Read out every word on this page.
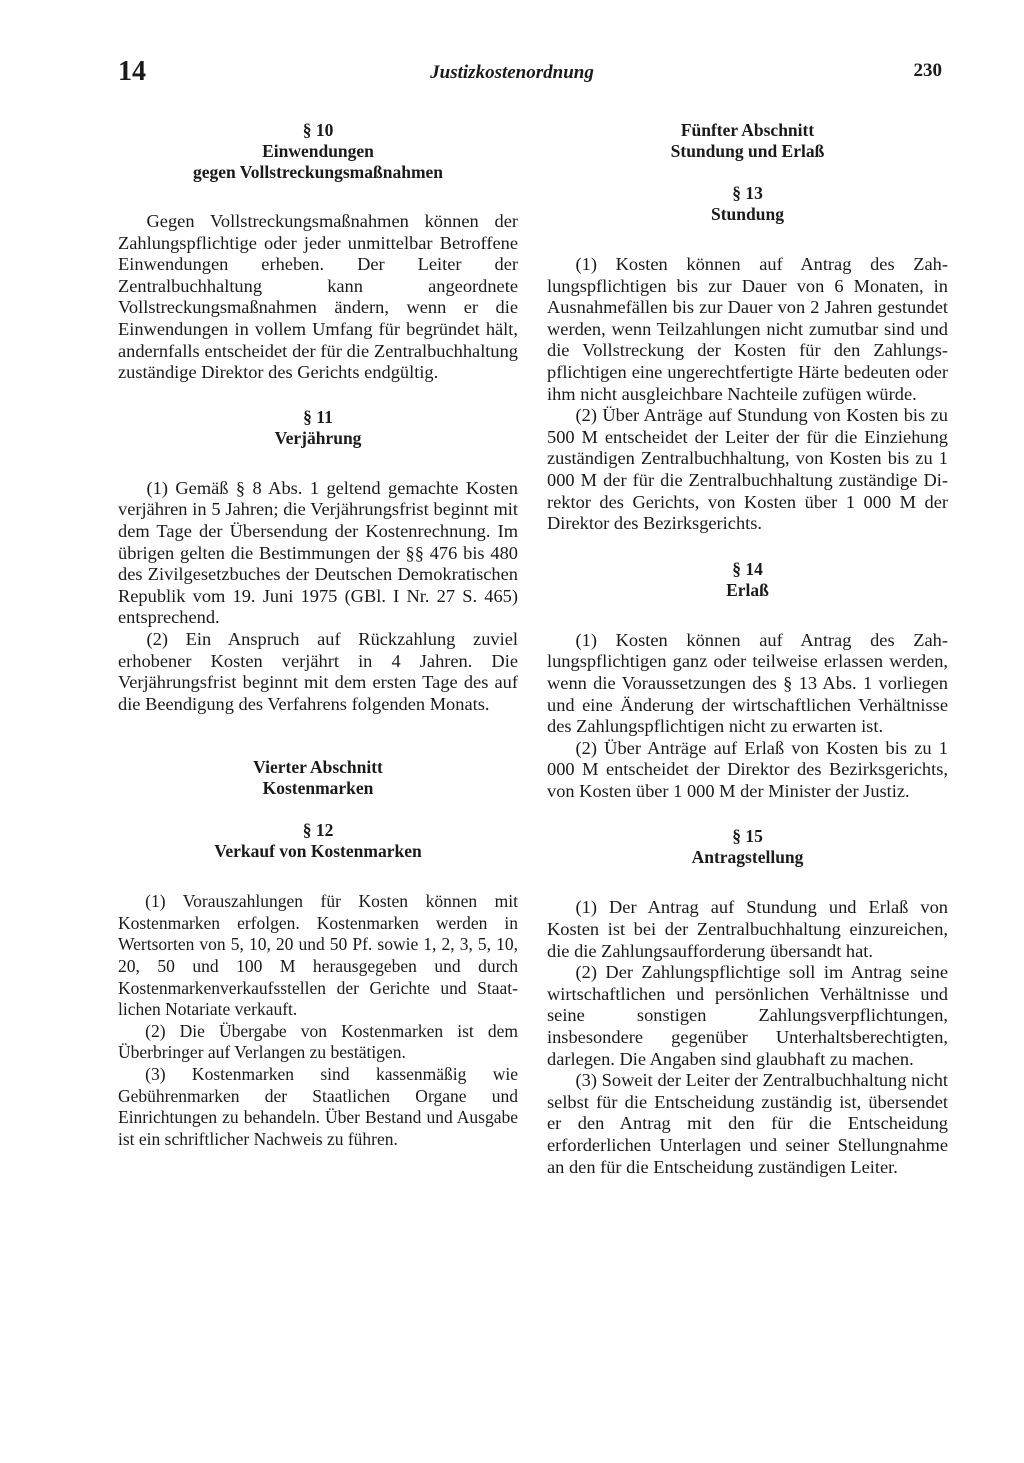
14	Justizkostenordnung	230

§ 10

Einwendungen

gegen Vollstreckungsmaßnahmen

Gegen Vollstreckungsmaßnahmen können der Zahlungspflichtige oder jeder unmittelbar Betroffene Einwendungen erheben. Der Leiter der Zentralbuchhaltung kann angeordnete Vollstreckungsmaßnahmen ändern, wenn er die Einwendungen in vollem Umfang für begründet hält, andernfalls entscheidet der für die Zentralbuchhaltung zuständige Direktor des Gerichts endgültig.

§ 11

Verjährung

(1) Gemäß § 8 Abs. 1 geltend gemachte Kosten verjähren in 5 Jahren; die Verjährungsfrist beginnt mit dem Tage der Übersendung der Kostenrechnung. Im übrigen gelten die Bestimmungen der §§ 476 bis 480 des Zivilgesetzbuches der Deutschen Demokratischen Republik vom 19. Juni 1975 (GBl. I Nr. 27 S. 465) entsprechend.

(2) Ein Anspruch auf Rückzahlung zuviel erhobener Kosten verjährt in 4 Jahren. Die Verjährungsfrist beginnt mit dem ersten Tage des auf die Beendigung des Verfahrens folgenden Monats.

Vierter Abschnitt

Kostenmarken

§ 12

Verkauf von Kostenmarken

(1) Vorauszahlungen für Kosten können mit Kostenmarken erfolgen. Kostenmarken werden in Wertsorten von 5, 10, 20 und 50 Pf. sowie 1, 2, 3, 5, 10, 20, 50 und 100 M herausgegeben und durch Kostenmarkenverkaufsstellen der Gerichte und Staatlichen Notariate verkauft.

(2) Die Übergabe von Kostenmarken ist dem Überbringer auf Verlangen zu bestätigen.

(3) Kostenmarken sind kassenmäßig wie Gebührenmarken der Staatlichen Organe und Einrichtungen zu behandeln. Über Bestand und Ausgabe ist ein schriftlicher Nachweis zu führen.

Fünfter Abschnitt

Stundung und Erlaß

§ 13

Stundung

(1) Kosten können auf Antrag des Zahlungspflichtigen bis zur Dauer von 6 Monaten, in Ausnahmefällen bis zur Dauer von 2 Jahren gestundet werden, wenn Teilzahlungen nicht zumutbar sind und die Vollstreckung der Kosten für den Zahlungspflichtigen eine ungerechtfertigte Härte bedeuten oder ihm nicht ausgleichbare Nachteile zufügen würde.

(2) Über Anträge auf Stundung von Kosten bis zu 500 M entscheidet der Leiter der für die Einziehung zuständigen Zentralbuchhaltung, von Kosten bis zu 1 000 M der für die Zentralbuchhaltung zuständige Direktor des Gerichts, von Kosten über 1 000 M der Direktor des Bezirksgerichts.

§ 14

Erlaß

(1) Kosten können auf Antrag des Zahlungspflichtigen ganz oder teilweise erlassen werden, wenn die Voraussetzungen des § 13 Abs. 1 vorliegen und eine Änderung der wirtschaftlichen Verhältnisse des Zahlungspflichtigen nicht zu erwarten ist.

(2) Über Anträge auf Erlaß von Kosten bis zu 1 000 M entscheidet der Direktor des Bezirksgerichts, von Kosten über 1 000 M der Minister der Justiz.

§ 15

Antragstellung

(1) Der Antrag auf Stundung und Erlaß von Kosten ist bei der Zentralbuchhaltung einzureichen, die die Zahlungsaufforderung übersandt hat.

(2) Der Zahlungspflichtige soll im Antrag seine wirtschaftlichen und persönlichen Verhältnisse und seine sonstigen Zahlungsverpflichtungen, insbesondere gegenüber Unterhaltsberechtigten, darlegen. Die Angaben sind glaubhaft zu machen.

(3) Soweit der Leiter der Zentralbuchhaltung nicht selbst für die Entscheidung zuständig ist, übersendet er den Antrag mit den für die Entscheidung erforderlichen Unterlagen und seiner Stellungnahme an den für die Entscheidung zuständigen Leiter.
